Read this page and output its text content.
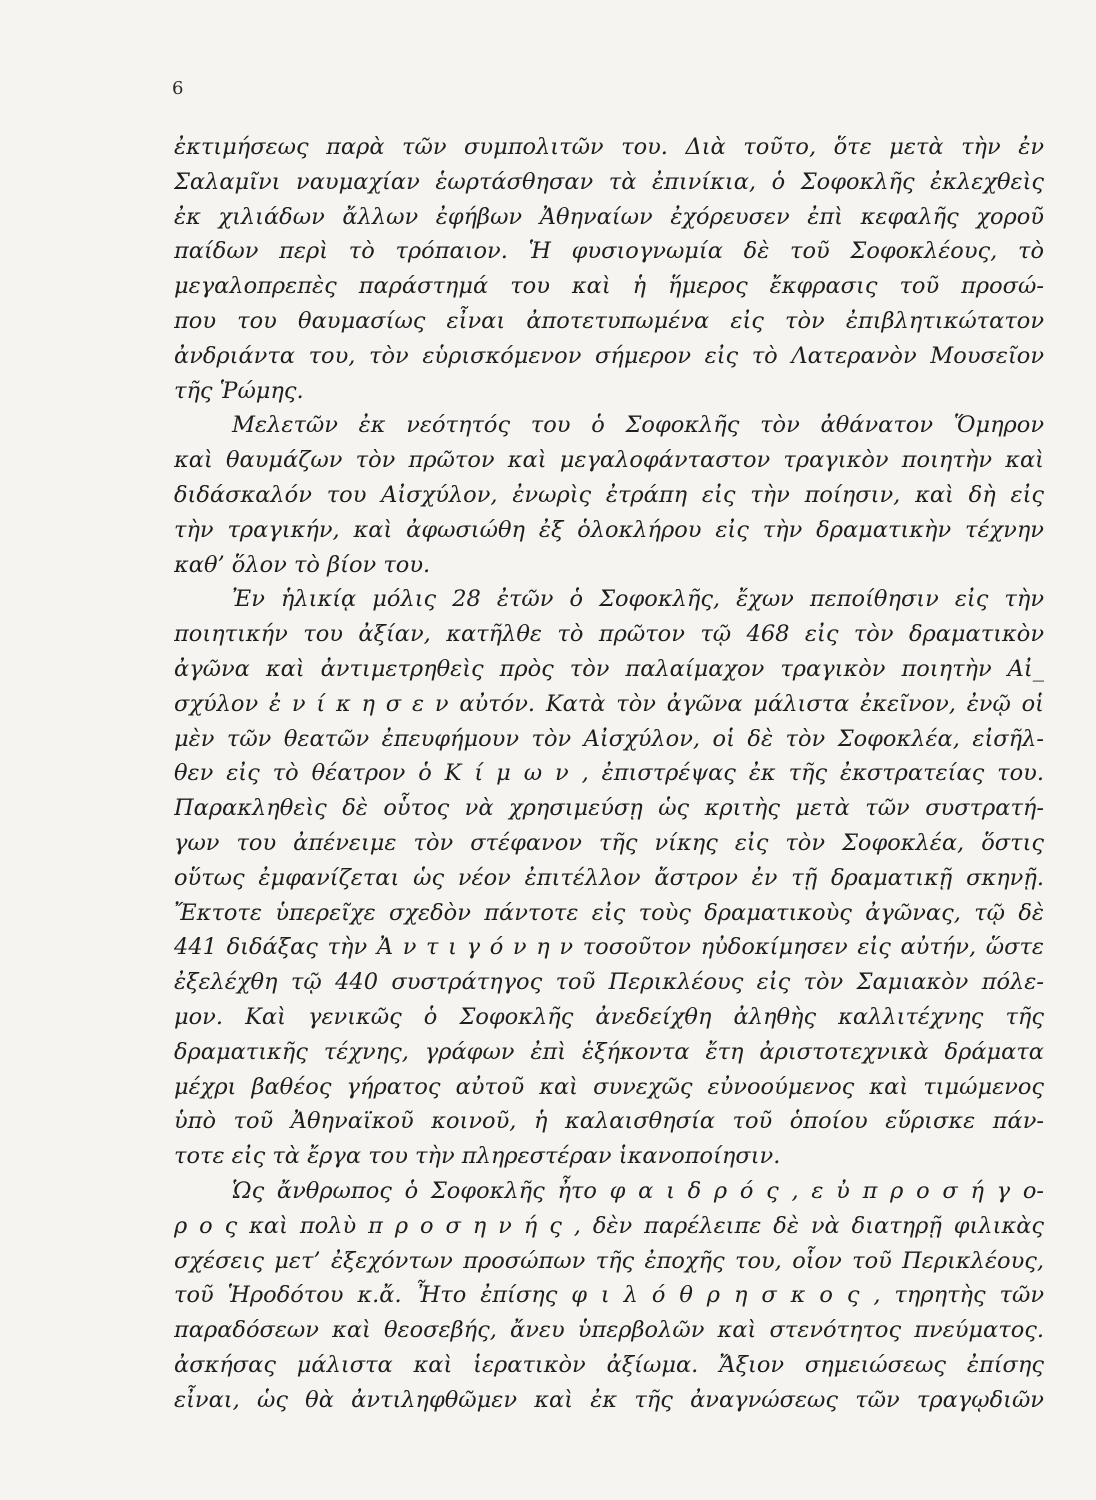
6
ἐκτιμήσεως παρὰ τῶν συμπολιτῶν του. Διὰ τοῦτο, ὅτε μετὰ τὴν ἐν
Σαλαμῖνι ναυμαχίαν ἑωρτάσθησαν τὰ ἐπινίκια, ὁ Σοφοκλῆς ἐκλεχθεὶς
ἐκ χιλιάδων ἄλλων ἐφήβων Ἀθηναίων ἐχόρευσεν ἐπὶ κεφαλῆς χοροῦ
παίδων περὶ τὸ τρόπαιον. Ἡ φυσιογνωμία δὲ τοῦ Σοφοκλέους, τὸ
μεγαλοπρεπὲς παράστημά του καὶ ἡ ἥμερος ἔκφρασις τοῦ προσώ-
που του θαυμασίως εἶναι ἀποτετυπωμένα εἰς τὸν ἐπιβλητικώτατον
ἀνδριάντα του, τὸν εὑρισκόμενον σήμερον εἰς τὸ Λατερανὸν Μουσεῖον
τῆς Ῥώμης.
Μελετῶν ἐκ νεότητός του ὁ Σοφοκλῆς τὸν ἀθάνατον Ὅμηρον
καὶ θαυμάζων τὸν πρῶτον καὶ μεγαλοφάνταστον τραγικὸν ποιητὴν καὶ
διδάσκαλόν του Αἰσχύλον, ἐνωρὶς ἐτράπη εἰς τὴν ποίησιν, καὶ δὴ εἰς
τὴν τραγικήν, καὶ ἀφωσιώθη ἐξ ὁλοκλήρου εἰς τὴν δραματικὴν τέχνην
καθ’ ὅλον τὸ βίον του.
Ἐν ἡλικίᾳ μόλις 28 ἐτῶν ὁ Σοφοκλῆς, ἔχων πεποίθησιν εἰς τὴν
ποιητικήν του ἀξίαν, κατῆλθε τὸ πρῶτον τῷ 468 εἰς τὸν δραματικὸν
ἀγῶνα καὶ ἀντιμετρηθεὶς πρὸς τὸν παλαίμαχον τραγικὸν ποιητὴν Αἰ_
σχύλον ἐ ν ί κ η σ ε ν αὐτόν. Κατὰ τὸν ἀγῶνα μάλιστα ἐκεῖνον, ἐνῷ οἱ
μὲν τῶν θεατῶν ἐπευφήμουν τὸν Αἰσχύλον, οἱ δὲ τὸν Σοφοκλέα, εἰσῆλ-
θεν εἰς τὸ θέατρον ὁ Κ ί μ ω ν , ἐπιστρέψας ἐκ τῆς ἐκστρατείας του.
Παρακληθεὶς δὲ οὗτος νὰ χρησιμεύσῃ ὡς κριτὴς μετὰ τῶν συστρατή-
γων του ἀπένειμε τὸν στέφανον τῆς νίκης εἰς τὸν Σοφοκλέα, ὅστις
οὕτως ἐμφανίζεται ὡς νέον ἐπιτέλλον ἄστρον ἐν τῇ δραματικῇ σκηνῇ.
Ἔκτοτε ὑπερεῖχε σχεδὸν πάντοτε εἰς τοὺς δραματικοὺς ἀγῶνας, τῷ δὲ
441 διδάξας τὴν Ἀ ν τ ι γ ό ν η ν τοσοῦτον ηὐδοκίμησεν εἰς αὐτήν, ὥστε
ἐξελέχθη τῷ 440 συστράτηγος τοῦ Περικλέους εἰς τὸν Σαμιακὸν πόλε-
μον. Καὶ γενικῶς ὁ Σοφοκλῆς ἀνεδείχθη ἀληθὴς καλλιτέχνης τῆς
δραματικῆς τέχνης, γράφων ἐπὶ ἑξήκοντα ἔτη ἀριστοτεχνικὰ δράματα
μέχρι βαθέος γήρατος αὐτοῦ καὶ συνεχῶς εὐνοούμενος καὶ τιμώμενος
ὑπὸ τοῦ Ἀθηναϊκοῦ κοινοῦ, ἡ καλαισθησία τοῦ ὁποίου εὕρισκε πάν-
τοτε εἰς τὰ ἔργα του τὴν πληρεστέραν ἱκανοποίησιν.
Ὡς ἄνθρωπος ὁ Σοφοκλῆς ἦτο φ α ι δ ρ ό ς , ε ὐ π ρ ο σ ή γ ο-
ρ ο ς καὶ πολὺ π ρ ο σ η ν ή ς , δὲν παρέλειπε δὲ νὰ διατηρῇ φιλικὰς
σχέσεις μετ’ ἐξεχόντων προσώπων τῆς ἐποχῆς του, οἷον τοῦ Περικλέους,
τοῦ Ἡροδότου κ.ἄ. Ἦτο ἐπίσης φ ι λ ό θ ρ η σ κ ο ς , τηρητὴς τῶν
παραδόσεων καὶ θεοσεβής, ἄνευ ὑπερβολῶν καὶ στενότητος πνεύματος.
ἀσκήσας μάλιστα καὶ ἱερατικὸν ἀξίωμα. Ἄξιον σημειώσεως ἐπίσης
εἶναι, ὡς θὰ ἀντιληφθῶμεν καὶ ἐκ τῆς ἀναγνώσεως τῶν τραγῳδιῶν
